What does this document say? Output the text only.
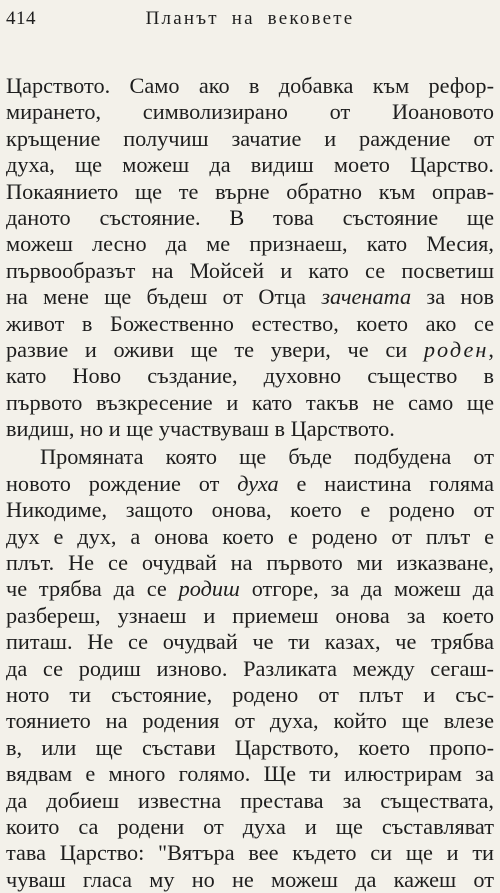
414	Планът на вековете
Царството. Само ако в добавка към рефор-
мирането, символизирано от Иоановото
кръщение получиш зачатие и раждение от
духа, ще можеш да видиш моето Царство.
Покаянието ще те върне обратно към оправ-
даното състояние. В това състояние ще
можеш лесно да ме признаеш, като Месия,
първообразът на Мойсей и като се посветиш
на мене ще бъдеш от Отца зачената за нов
живот в Божественно естество, което ако се
развие и оживи ще те увери, че си роден,
като Ново създание, духовно същество в
първото възкресение и като такъв не само ще
видиш, но и ще участвуваш в Царството.
Промяната която ще бъде подбудена от
новото рождение от духа е наистина голяма
Никодиме, защото онова, което е родено от
дух е дух, а онова което е родено от плът е
плът. Не се очудвай на първото ми изказване,
че трябва да се родиш отгоре, за да можеш да
разбереш, узнаеш и приемеш онова за което
питаш. Не се очудвай че ти казах, че трябва
да се родиш изново. Разликата между сегаш-
ното ти състояние, родено от плът и със-
тоянието на родения от духа, който ще влезе
в, или ще състави Царството, което пропо-
вядвам е много голямо. Ще ти илюстрирам за
да добиеш известна престава за съществата,
които са родени от духа и ще съставляват
тава Царство: "Вятъра вее където си ще и ти
чуваш гласа му но не можеш да кажеш от
